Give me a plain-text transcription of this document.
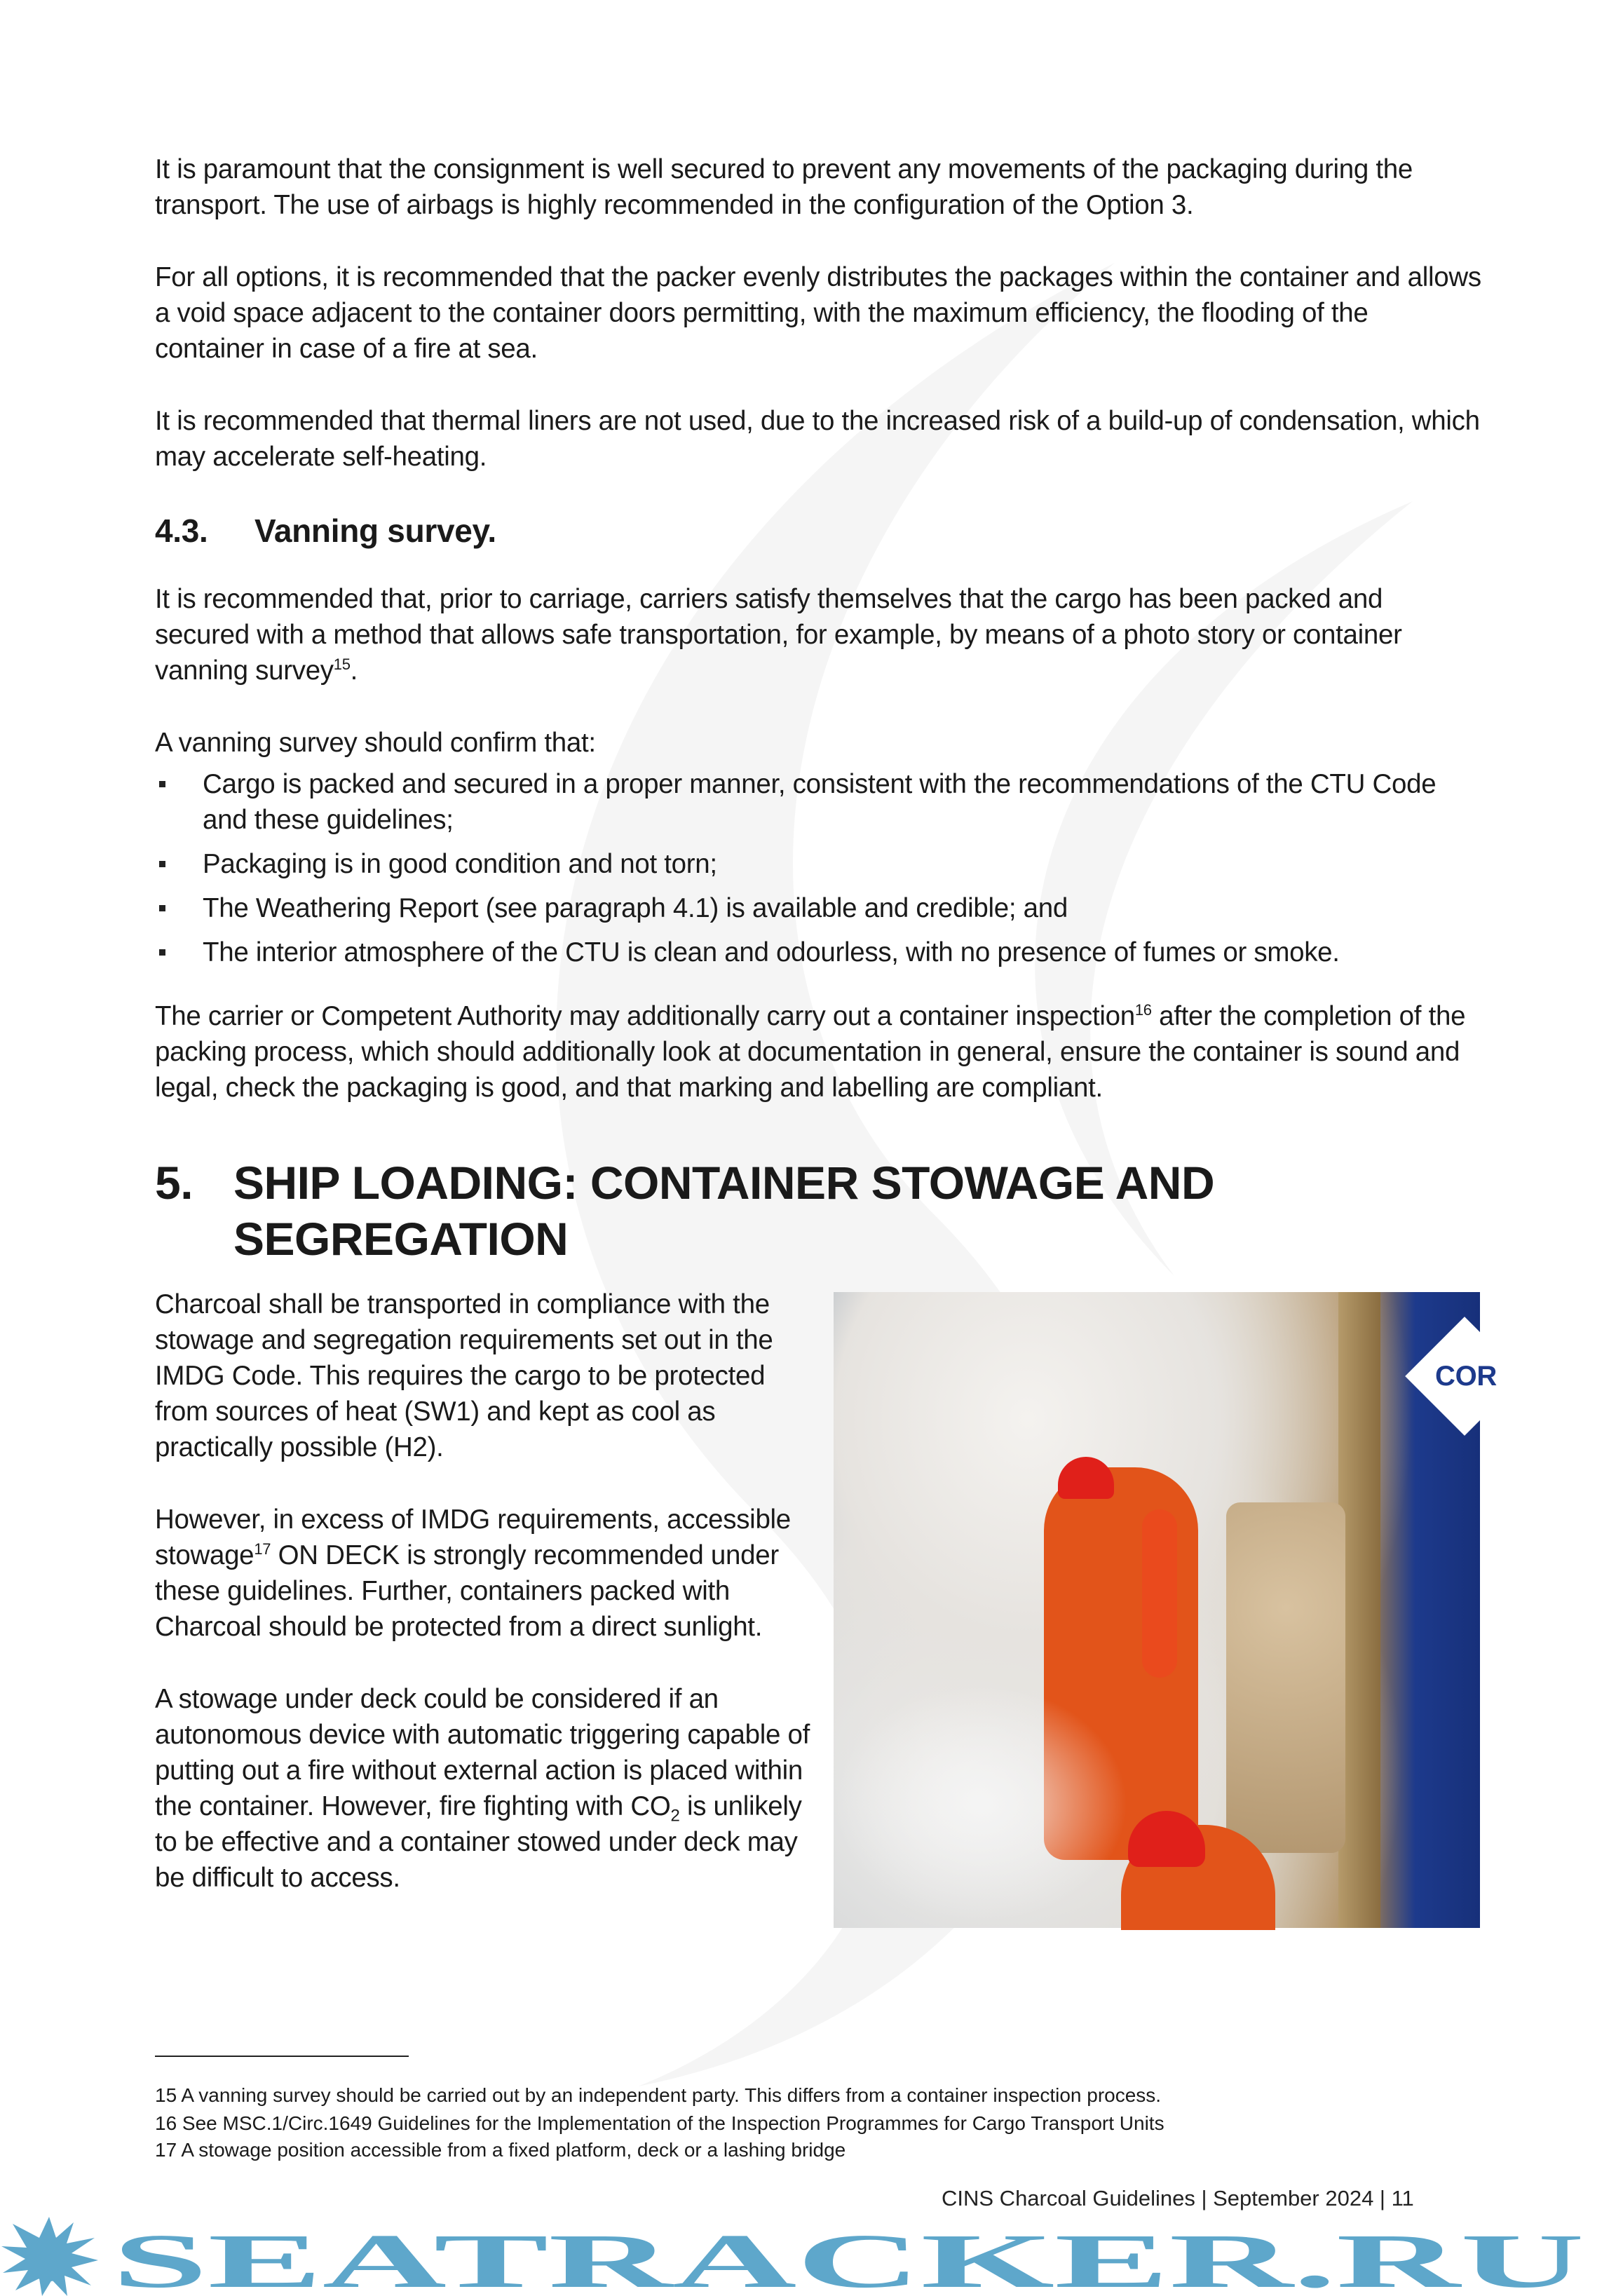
It is paramount that the consignment is well secured to prevent any movements of the packaging during the transport. The use of airbags is highly recommended in the configuration of the Option 3.

For all options, it is recommended that the packer evenly distributes the packages within the container and allows a void space adjacent to the container doors permitting, with the maximum efficiency, the flooding of the container in case of a fire at sea.

It is recommended that thermal liners are not used, due to the increased risk of a build-up of condensation, which may accelerate self-heating.

4.3. Vanning survey.

It is recommended that, prior to carriage, carriers satisfy themselves that the cargo has been packed and secured with a method that allows safe transportation, for example, by means of a photo story or container vanning survey$^{15}$.

A vanning survey should confirm that:

Cargo is packed and secured in a proper manner, consistent with the recommendations of the CTU Code and these guidelines;
Packaging is in good condition and not torn;
The Weathering Report (see paragraph 4.1) is available and credible; and
The interior atmosphere of the CTU is clean and odourless, with no presence of fumes or smoke.

The carrier or Competent Authority may additionally carry out a container inspection$^{16}$ after the completion of the packing process, which should additionally look at documentation in general, ensure the container is sound and legal, check the packaging is good, and that marking and labelling are compliant.

5. SHIP LOADING: CONTAINER STOWAGE AND
SEGREGATION

Charcoal shall be transported in compliance with the stowage and segregation requirements set out in the IMDG Code. This requires the cargo to be protected from sources of heat (SW1) and kept as cool as practically possible (H2).

However, in excess of IMDG requirements, accessible stowage$^{17}$ ON DECK is strongly recommended under these guidelines. Further, containers packed with Charcoal should be protected from a direct sunlight.

A stowage under deck could be considered if an autonomous device with automatic triggering capable of putting out a fire without external action is placed within the container. However, fire fighting with $CO_2$ is unlikely to be effective and a container stowed under deck may be difficult to access.

COR

15 A vanning survey should be carried out by an independent party. This differs from a container inspection process.

16 See MSC.1/Circ.1649 Guidelines for the Implementation of the Inspection Programmes for Cargo Transport Units

17 A stowage position accessible from a fixed platform, deck or a lashing bridge

CINS Charcoal Guidelines | September 2024 | 11
SEATRACKER.RU
